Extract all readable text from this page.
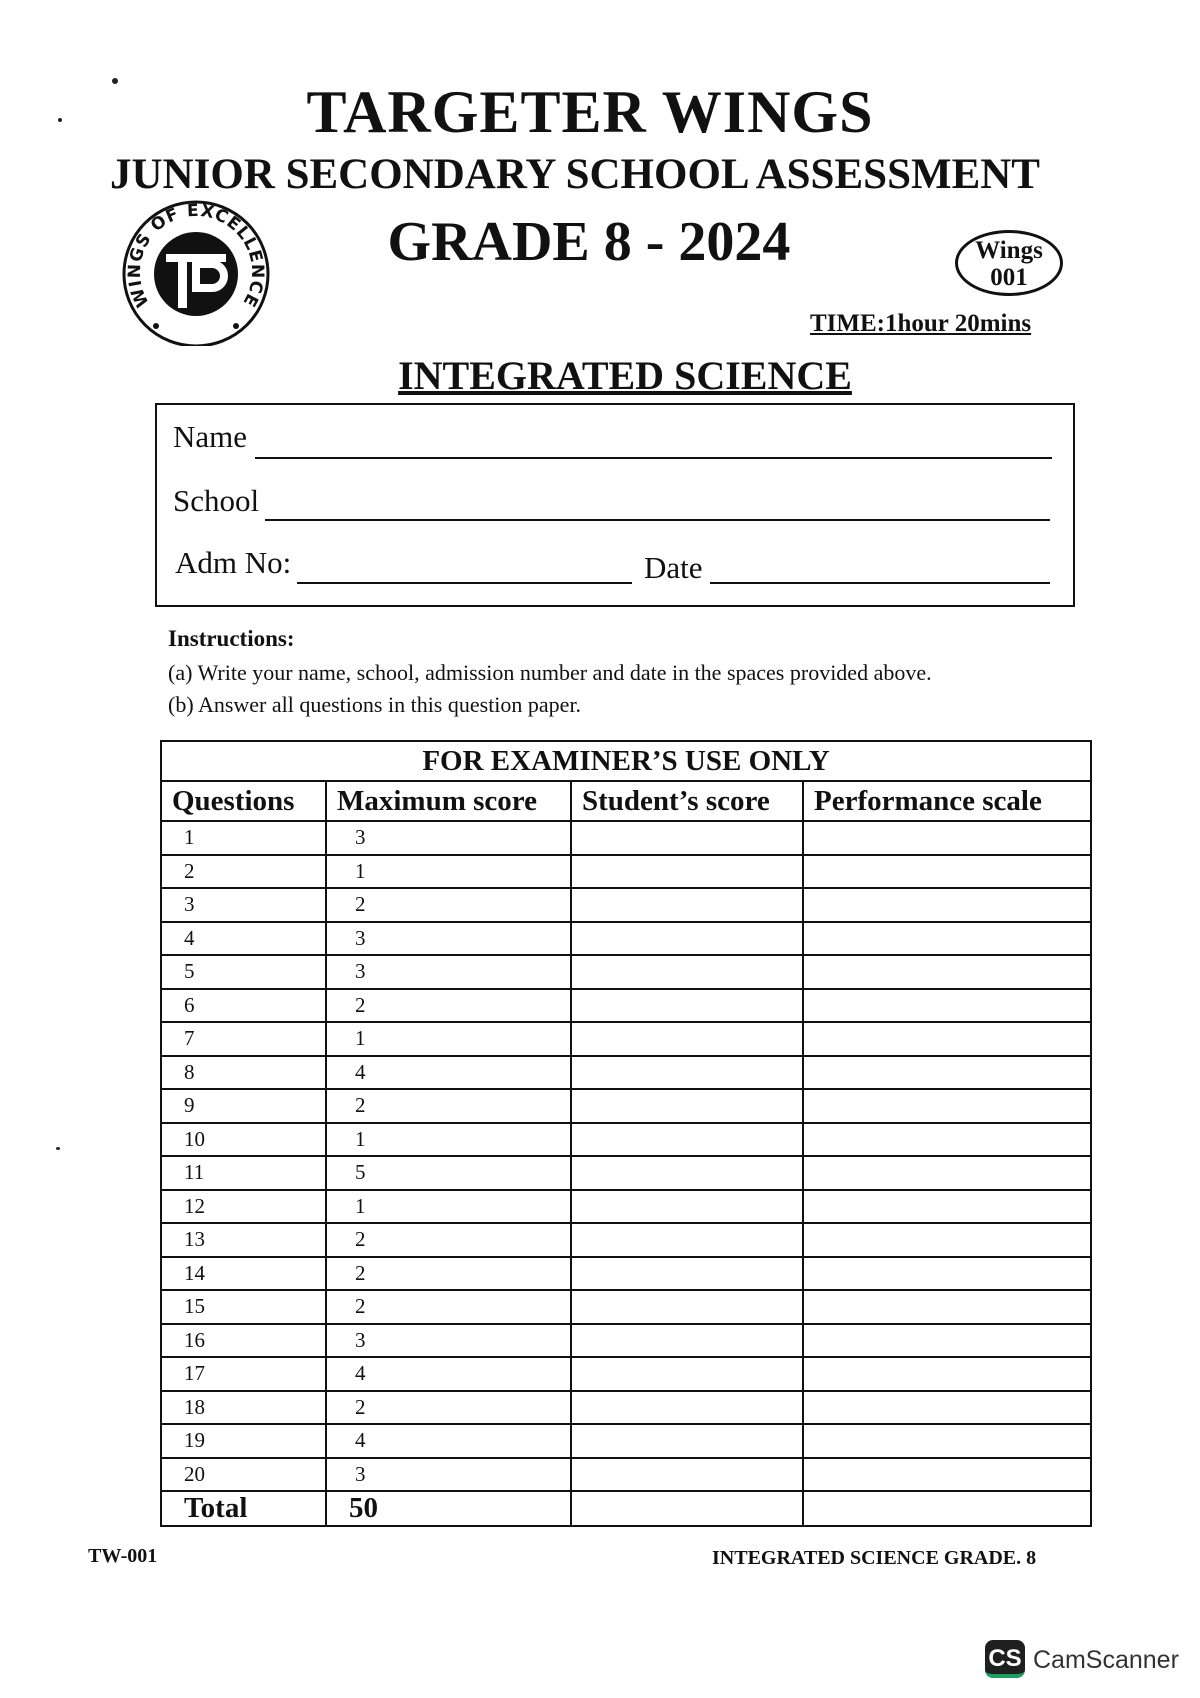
TARGETER WINGS
JUNIOR SECONDARY SCHOOL ASSESSMENT
GRADE 8 - 2024
WINGS OF EXCELLENCE
Wings
001
TIME:1hour 20mins
INTEGRATED SCIENCE
Name
School
Adm No:	Date
Instructions:
(a) Write your name, school, admission number and date in the spaces provided above.
(b) Answer all questions in this question paper.
FOR EXAMINER’S USE ONLY			
Questions	Maximum score	Student’s score	Performance scale
1	3		
2	1		
3	2		
4	3		
5	3		
6	2		
7	1		
8	4		
9	2		
10	1		
11	5		
12	1		
13	2		
14	2		
15	2		
16	3		
17	4		
18	2		
19	4		
20	3		
Total	50		
TW-001	INTEGRATED SCIENCE GRADE. 8
CS CamScanner
